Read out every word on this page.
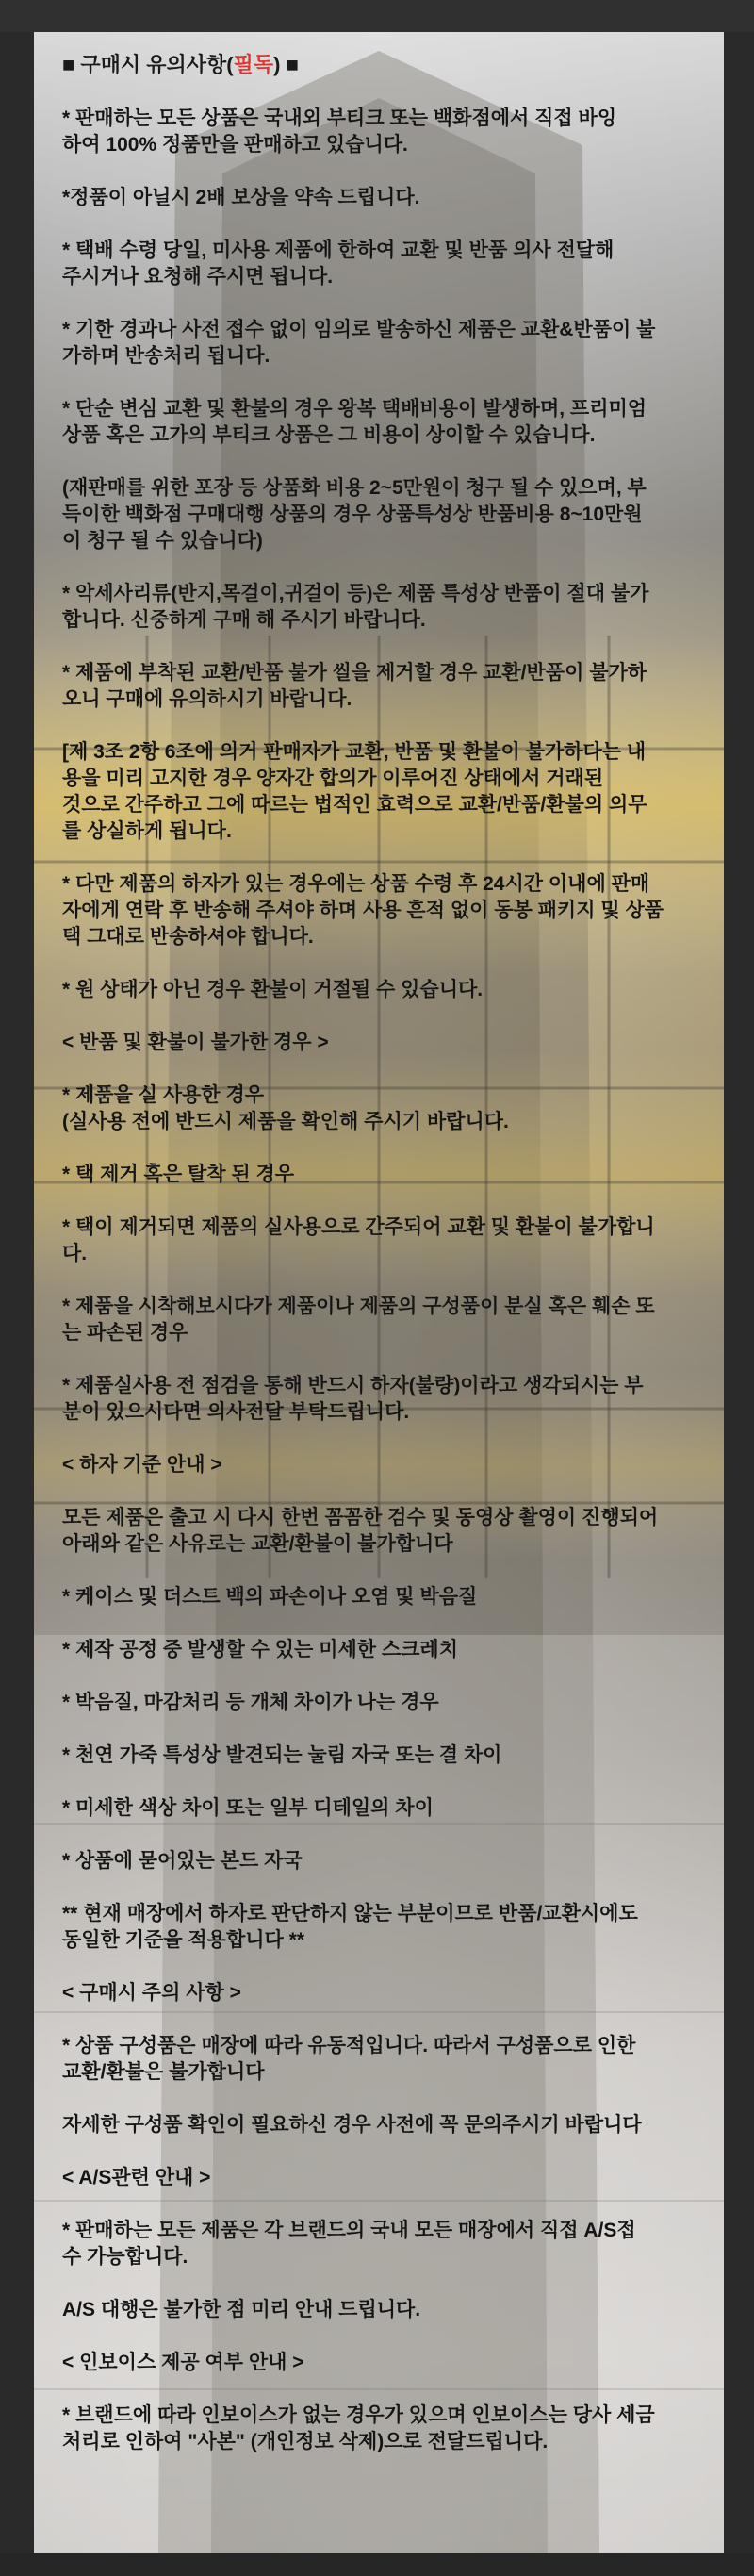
■ 구매시 유의사항(필독) ■
* 판매하는 모든 상품은 국내외 부티크 또는 백화점에서 직접 바잉
하여 100% 정품만을 판매하고 있습니다.
*정품이 아닐시 2배 보상을 약속 드립니다.
* 택배 수령 당일, 미사용 제품에 한하여 교환 및 반품 의사 전달해
주시거나 요청해 주시면 됩니다.
* 기한 경과나 사전 접수 없이 임의로 발송하신 제품은 교환&반품이 불
가하며 반송처리 됩니다.
* 단순 변심 교환 및 환불의 경우 왕복 택배비용이 발생하며, 프리미엄
상품 혹은 고가의 부티크 상품은 그 비용이 상이할 수 있습니다.
(재판매를 위한 포장 등 상품화 비용 2~5만원이 청구 될 수 있으며, 부
득이한 백화점 구매대행 상품의 경우 상품특성상 반품비용 8~10만원
이 청구 될 수 있습니다)
* 악세사리류(반지,목걸이,귀걸이 등)은 제품 특성상 반품이 절대 불가
합니다. 신중하게 구매 해 주시기 바랍니다.
* 제품에 부착된 교환/반품 불가 씰을 제거할 경우 교환/반품이 불가하
오니 구매에 유의하시기 바랍니다.
[제 3조 2항 6조에 의거 판매자가 교환, 반품 및 환불이 불가하다는 내
용을 미리 고지한 경우 양자간 합의가 이루어진 상태에서 거래된
것으로 간주하고 그에 따르는 법적인 효력으로 교환/반품/환불의 의무
를 상실하게 됩니다.
* 다만 제품의 하자가 있는 경우에는 상품 수령 후 24시간 이내에 판매
자에게 연락 후 반송해 주셔야 하며 사용 흔적 없이 동봉 패키지 및 상품
택 그대로 반송하셔야 합니다.
* 원 상태가 아닌 경우 환불이 거절될 수 있습니다.
< 반품 및 환불이 불가한 경우 >
* 제품을 실 사용한 경우
(실사용 전에 반드시 제품을 확인해 주시기 바랍니다.
* 택 제거 혹은 탈착 된 경우
* 택이 제거되면 제품의 실사용으로 간주되어 교환 및 환불이 불가합니
다.
* 제품을 시착해보시다가 제품이나 제품의 구성품이 분실 혹은 훼손 또
는 파손된 경우
* 제품실사용 전 점검을 통해 반드시 하자(불량)이라고 생각되시는 부
분이 있으시다면 의사전달 부탁드립니다.
< 하자 기준 안내 >
모든 제품은 출고 시 다시 한번 꼼꼼한 검수 및 동영상 촬영이 진행되어
아래와 같은 사유로는 교환/환불이 불가합니다
* 케이스 및 더스트 백의 파손이나 오염 및 박음질
* 제작 공정 중 발생할 수 있는 미세한 스크레치
* 박음질, 마감처리 등 개체 차이가 나는 경우
* 천연 가죽 특성상 발견되는 눌림 자국 또는 결 차이
* 미세한 색상 차이 또는 일부 디테일의 차이
* 상품에 묻어있는 본드 자국
** 현재 매장에서 하자로 판단하지 않는 부분이므로 반품/교환시에도
동일한 기준을 적용합니다 **
< 구매시 주의 사항 >
* 상품 구성품은 매장에 따라 유동적입니다. 따라서 구성품으로 인한
교환/환불은 불가합니다
자세한 구성품 확인이 필요하신 경우 사전에 꼭 문의주시기 바랍니다
< A/S관련 안내 >
* 판매하는 모든 제품은 각 브랜드의 국내 모든 매장에서 직접 A/S접
수 가능합니다.
A/S 대행은 불가한 점 미리 안내 드립니다.
< 인보이스 제공 여부 안내 >
* 브랜드에 따라 인보이스가 없는 경우가 있으며 인보이스는 당사 세금
처리로 인하여 "사본" (개인정보 삭제)으로 전달드립니다.
